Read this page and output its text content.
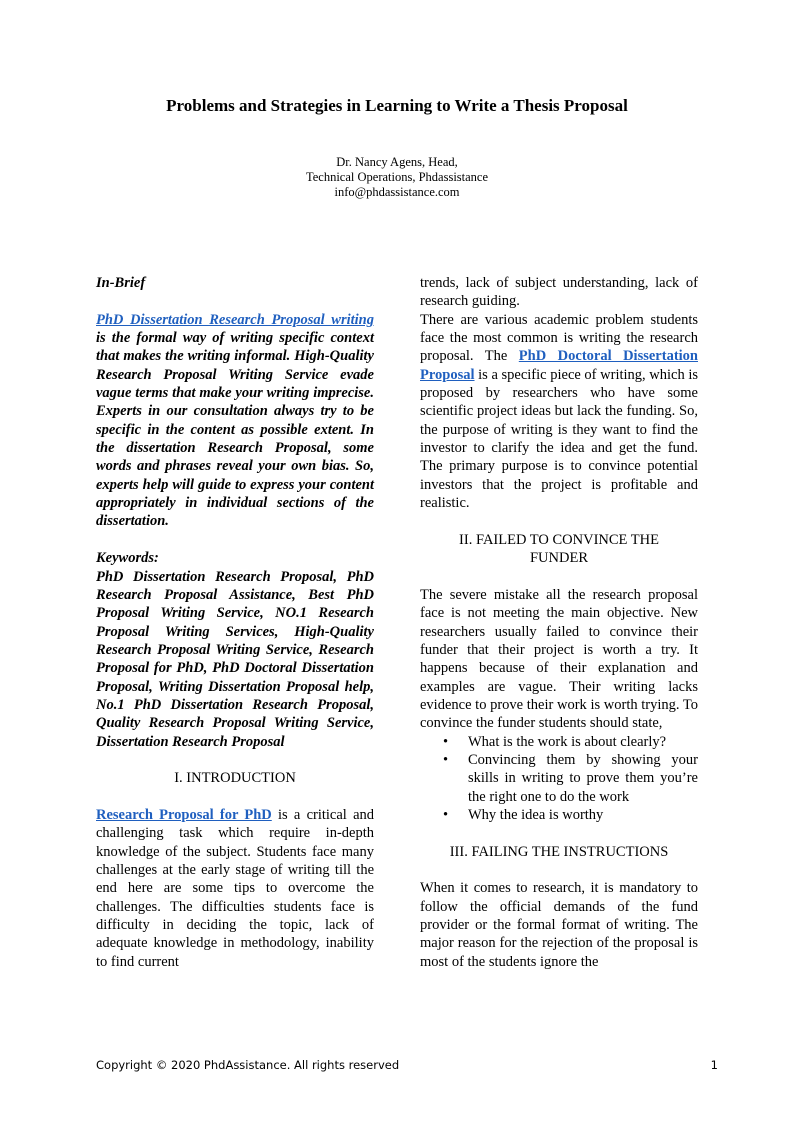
Problems and Strategies in Learning to Write a Thesis Proposal
Dr. Nancy Agens, Head,
Technical Operations, Phdassistance
info@phdassistance.com

In-Brief

PhD Dissertation Research Proposal writing is the formal way of writing specific context that makes the writing informal. High-Quality Research Proposal Writing Service evade vague terms that make your writing imprecise. Experts in our consultation always try to be specific in the content as possible extent. In the dissertation Research Proposal, some words and phrases reveal your own bias. So, experts help will guide to express your content appropriately in individual sections of the dissertation.

Keywords:

PhD Dissertation Research Proposal, PhD Research Proposal Assistance, Best PhD Proposal Writing Service, NO.1 Research Proposal Writing Services, High-Quality Research Proposal Writing Service, Research Proposal for PhD, PhD Doctoral Dissertation Proposal, Writing Dissertation Proposal help, No.1 PhD Dissertation Research Proposal, Quality Research Proposal Writing Service, Dissertation Research Proposal

I. INTRODUCTION

Research Proposal for PhD is a critical and challenging task which require in-depth knowledge of the subject. Students face many challenges at the early stage of writing till the end here are some tips to overcome the challenges. The difficulties students face is difficulty in deciding the topic, lack of adequate knowledge in methodology, inability to find current

trends, lack of subject understanding, lack of research guiding.

There are various academic problem students face the most common is writing the research proposal. The PhD Doctoral Dissertation Proposal is a specific piece of writing, which is proposed by researchers who have some scientific project ideas but lack the funding. So, the purpose of writing is they want to find the investor to clarify the idea and get the fund. The primary purpose is to convince potential investors that the project is profitable and realistic.

II. FAILED TO CONVINCE THE
FUNDER

The severe mistake all the research proposal face is not meeting the main objective. New researchers usually failed to convince their funder that their project is worth a try. It happens because of their explanation and examples are vague. Their writing lacks evidence to prove their work is worth trying. To convince the funder students should state,

• What is the work is about clearly?
• Convincing them by showing your skills in writing to prove them you’re the right one to do the work
• Why the idea is worthy

III. FAILING THE INSTRUCTIONS

When it comes to research, it is mandatory to follow the official demands of the fund provider or the formal format of writing. The major reason for the rejection of the proposal is most of the students ignore the

Copyright © 2020 PhdAssistance. All rights reserved	1
